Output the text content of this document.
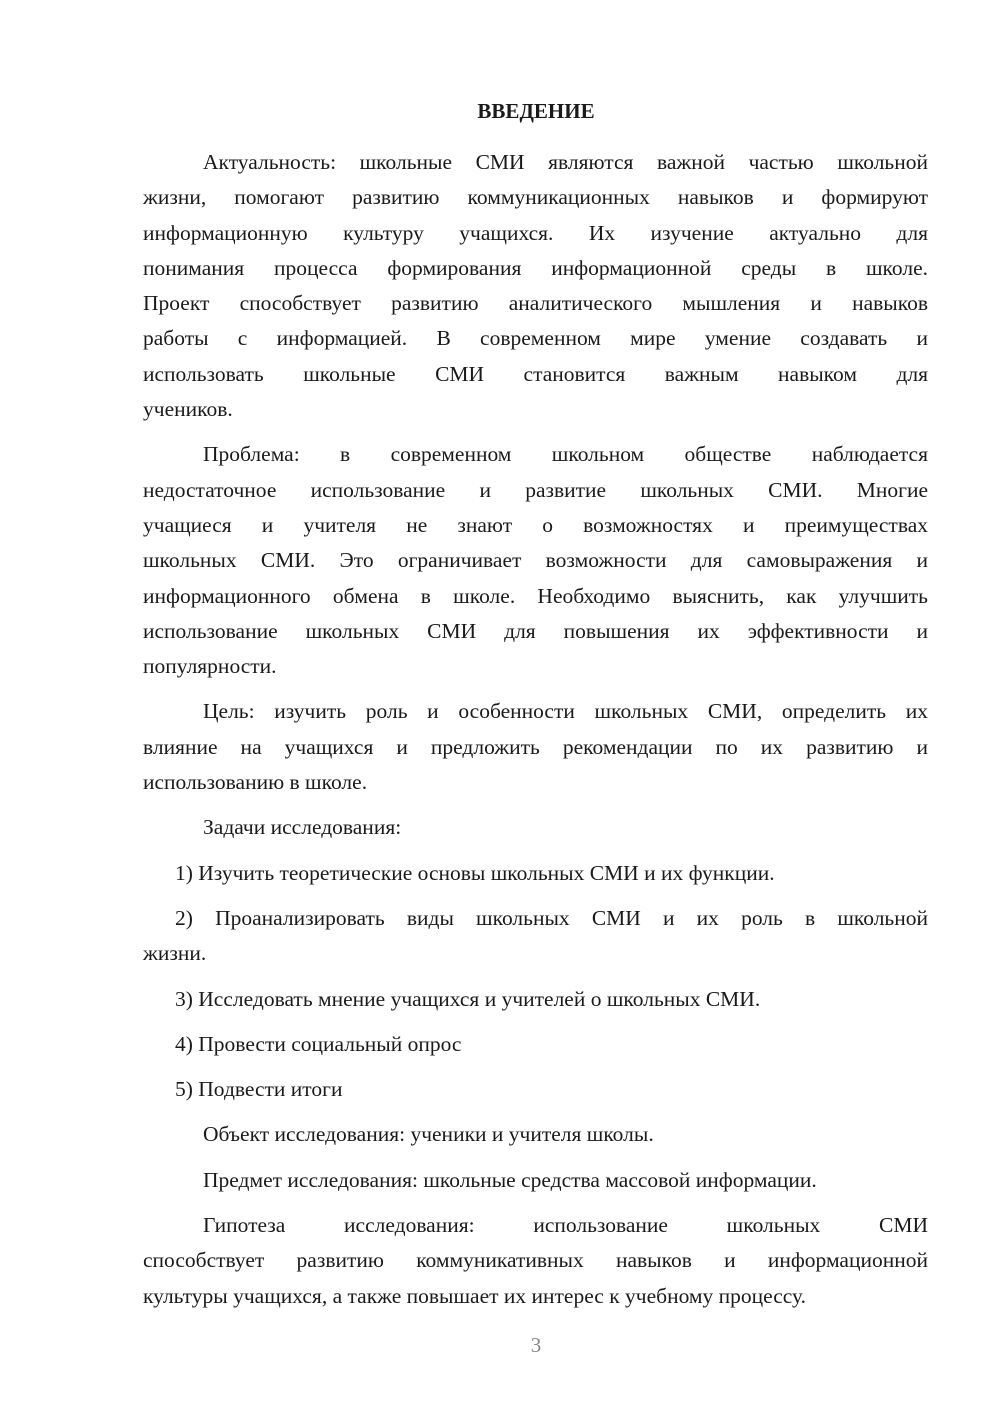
ВВЕДЕНИЕ
Актуальность: школьные СМИ являются важной частью школьной
жизни, помогают развитию коммуникационных навыков и формируют
информационную культуру учащихся. Их изучение актуально для
понимания процесса формирования информационной среды в школе.
Проект способствует развитию аналитического мышления и навыков
работы с информацией. В современном мире умение создавать и
использовать школьные СМИ становится важным навыком для
учеников.
Проблема: в современном школьном обществе наблюдается
недостаточное использование и развитие школьных СМИ. Многие
учащиеся и учителя не знают о возможностях и преимуществах
школьных СМИ. Это ограничивает возможности для самовыражения и
информационного обмена в школе. Необходимо выяснить, как улучшить
использование школьных СМИ для повышения их эффективности и
популярности.
Цель: изучить роль и особенности школьных СМИ, определить их
влияние на учащихся и предложить рекомендации по их развитию и
использованию в школе.
Задачи исследования:
1) Изучить теоретические основы школьных СМИ и их функции.
2) Проанализировать виды школьных СМИ и их роль в школьной
жизни.
3) Исследовать мнение учащихся и учителей о школьных СМИ.
4) Провести социальный опрос
5) Подвести итоги
Объект исследования: ученики и учителя школы.
Предмет исследования: школьные средства массовой информации.
Гипотеза исследования: использование школьных СМИ
способствует развитию коммуникативных навыков и информационной
культуры учащихся, а также повышает их интерес к учебному процессу.
3
